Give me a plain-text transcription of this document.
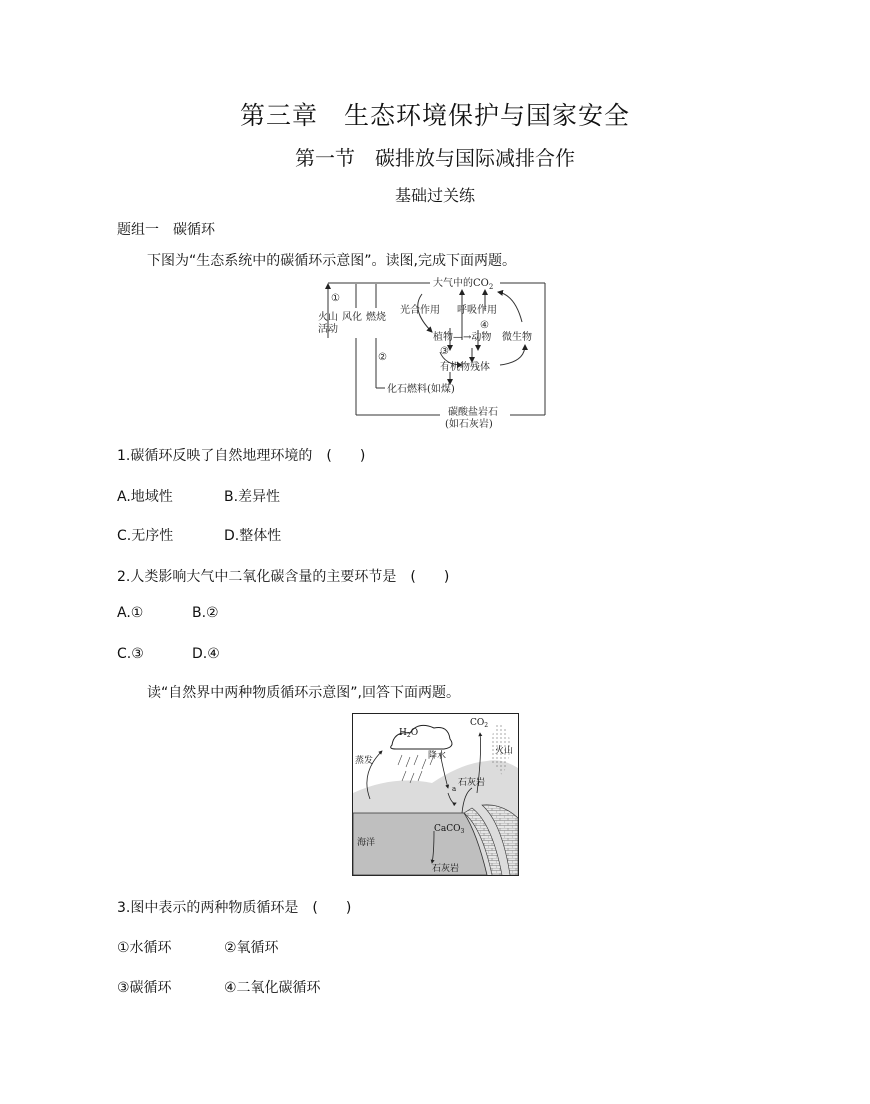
第三章　生态环境保护与国家安全
第一节　碳排放与国际减排合作
基础过关练
题组一　碳循环
下图为“生态系统中的碳循环示意图”。读图,完成下面两题。
大气中的$CO_2$
光合作用 呼吸作用
植物—→动物 微生物
有机物残体
化石燃料(如煤)
碳酸盐岩石
(如石灰岩)
火山
活动
风化 燃烧
①
②
③
④
1.碳循环反映了自然地理环境的　(　　)
A.地域性	B.差异性
C.无序性	D.整体性
2.人类影响大气中二氧化碳含量的主要环节是　(　　)
A.①	B.②
C.③	D.④
读“自然界中两种物质循环示意图”,回答下面两题。
$H_2O$
$CO_2$
降水
蒸发
火山
石灰岩
a
海洋
CaCO$_3$
石灰岩
3.图中表示的两种物质循环是　(　　)
①水循环	②氧循环
③碳循环	④二氧化碳循环
